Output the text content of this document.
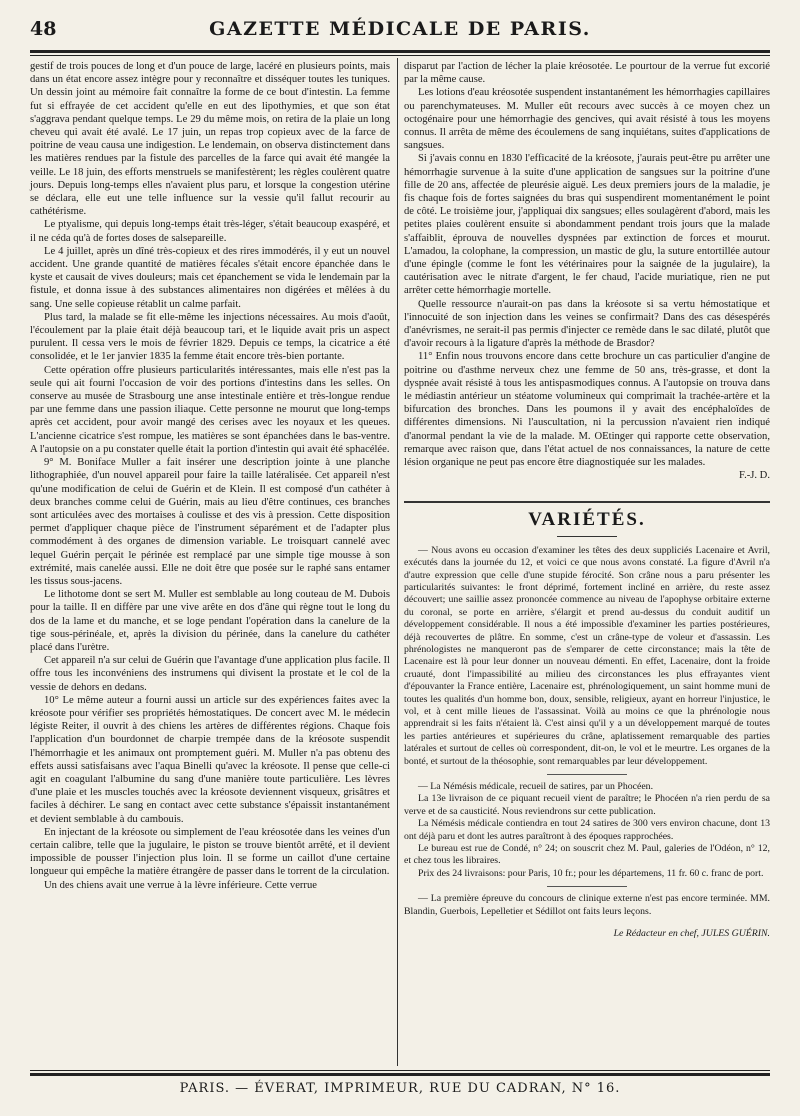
48	GAZETTE MÉDICALE DE PARIS.

gestif de trois pouces de long et d'un pouce de large, lacéré en plusieurs points, mais dans un état encore assez intègre pour y reconnaître et disséquer toutes les tuniques. Un dessin joint au mémoire fait connaître la forme de ce bout d'intestin. La femme fut si effrayée de cet accident qu'elle en eut des lipothymies, et que son état s'aggrava pendant quelque temps. Le 29 du même mois, on retira de la plaie un long cheveu qui avait été avalé. Le 17 juin, un repas trop copieux avec de la farce de poitrine de veau causa une indigestion. Le lendemain, on observa distinctement dans les matières rendues par la fistule des parcelles de la farce qui avait été mangée la veille. Le 18 juin, des efforts menstruels se manifestèrent; les règles coulèrent quatre jours. Depuis long-temps elles n'avaient plus paru, et lorsque la congestion utérine se déclara, elle eut une telle influence sur la vessie qu'il fallut recourir au cathétérisme.

Le ptyalisme, qui depuis long-temps était très-léger, s'était beaucoup exaspéré, et il ne céda qu'à de fortes doses de salsepareille.

Le 4 juillet, après un dîné très-copieux et des rires immodérés, il y eut un nouvel accident. Une grande quantité de matières fécales s'était encore épanchée dans le kyste et causait de vives douleurs; mais cet épanchement se vida le lendemain par la fistule, et donna issue à des substances alimentaires non digérées et mêlées à du sang. Une selle copieuse rétablit un calme parfait.

Plus tard, la malade se fit elle-même les injections nécessaires. Au mois d'août, l'écoulement par la plaie était déjà beaucoup tari, et le liquide avait pris un aspect purulent. Il cessa vers le mois de février 1829. Depuis ce temps, la cicatrice a été consolidée, et le 1er janvier 1835 la femme était encore très-bien portante.

Cette opération offre plusieurs particularités intéressantes, mais elle n'est pas la seule qui ait fourni l'occasion de voir des portions d'intestins dans les selles. On conserve au musée de Strasbourg une anse intestinale entière et très-longue rendue par une femme dans une passion iliaque. Cette personne ne mourut que long-temps après cet accident, pour avoir mangé des cerises avec les noyaux et les queues. L'ancienne cicatrice s'est rompue, les matières se sont épanchées dans le bas-ventre. A l'autopsie on a pu constater quelle était la portion d'intestin qui avait été sphacélée.

9° M. Boniface Muller a fait insérer une description jointe à une planche lithographiée, d'un nouvel appareil pour faire la taille latéralisée. Cet appareil n'est qu'une modification de celui de Guérin et de Klein. Il est composé d'un cathéter à deux branches comme celui de Guérin, mais au lieu d'être continues, ces branches sont articulées avec des mortaises à coulisse et des vis à pression. Cette disposition permet d'appliquer chaque pièce de l'instrument séparément et de l'adapter plus commodément à des organes de dimension variable. Le troisquart cannelé avec lequel Guérin perçait le périnée est remplacé par une simple tige mousse à son extrémité, mais canelée aussi. Elle ne doit être que posée sur le raphé sans entamer les tissus sous-jacens.

Le lithotome dont se sert M. Muller est semblable au long couteau de M. Dubois pour la taille. Il en diffère par une vive arête en dos d'âne qui règne tout le long du dos de la lame et du manche, et se loge pendant l'opération dans la canelure de la tige sous-périnéale, et, après la division du périnée, dans la canelure du cathéter placé dans l'urètre.

Cet appareil n'a sur celui de Guérin que l'avantage d'une application plus facile. Il offre tous les inconvéniens des instrumens qui divisent la prostate et le col de la vessie de dehors en dedans.

10° Le même auteur a fourni aussi un article sur des expériences faites avec la kréosote pour vérifier ses propriétés hémostatiques. De concert avec M. le médecin légiste Reiter, il ouvrit à des chiens les artères de différentes régions. Chaque fois l'application d'un bourdonnet de charpie trempée dans de la kréosote suspendit l'hémorrhagie et les animaux ont promptement guéri. M. Muller n'a pas obtenu des effets aussi satisfaisans avec l'aqua Binelli qu'avec la kréosote. Il pense que celle-ci agit en coagulant l'albumine du sang d'une manière toute particulière. Les lèvres d'une plaie et les muscles touchés avec la kréosote deviennent visqueux, grisâtres et faciles à déchirer. Le sang en contact avec cette substance s'épaissit instantanément et devient semblable à du cambouis.

En injectant de la kréosote ou simplement de l'eau kréosotée dans les veines d'un certain calibre, telle que la jugulaire, le piston se trouve bientôt arrêté, et il devient impossible de pousser l'injection plus loin. Il se forme un caillot d'une certaine longueur qui empêche la matière étrangère de passer dans le torrent de la circulation.

Un des chiens avait une verrue à la lèvre inférieure. Cette verrue

disparut par l'action de lécher la plaie kréosotée. Le pourtour de la verrue fut excorié par la même cause.

Les lotions d'eau kréosotée suspendent instantanément les hémorrhagies capillaires ou parenchymateuses. M. Muller eût recours avec succès à ce moyen chez un octogénaire pour une hémorrhagie des gencives, qui avait résisté à tous les moyens connus. Il arrêta de même des écoulemens de sang inquiétans, suites d'applications de sangsues.

Si j'avais connu en 1830 l'efficacité de la kréosote, j'aurais peut-être pu arrêter une hémorrhagie survenue à la suite d'une application de sangsues sur la poitrine d'une fille de 20 ans, affectée de pleurésie aiguë. Les deux premiers jours de la maladie, je fis chaque fois de fortes saignées du bras qui suspendirent momentanément le point de côté. Le troisième jour, j'appliquai dix sangsues; elles soulagèrent d'abord, mais les petites plaies coulèrent ensuite si abondamment pendant trois jours que la malade s'affaiblit, éprouva de nouvelles dyspnées par extinction de forces et mourut. L'amadou, la colophane, la compression, un mastic de glu, la suture entortillée autour d'une épingle (comme le font les vétérinaires pour la saignée de la jugulaire), la cautérisation avec le nitrate d'argent, le fer chaud, l'acide muriatique, rien ne put arrêter cette hémorrhagie mortelle.

Quelle ressource n'aurait-on pas dans la kréosote si sa vertu hémostatique et l'innocuité de son injection dans les veines se confirmait? Dans des cas désespérés d'anévrismes, ne serait-il pas permis d'injecter ce remède dans le sac dilaté, plutôt que d'avoir recours à la ligature d'après la méthode de Brasdor?

11° Enfin nous trouvons encore dans cette brochure un cas particulier d'angine de poitrine ou d'asthme nerveux chez une femme de 50 ans, très-grasse, et dont la dyspnée avait résisté à tous les antispasmodiques connus. A l'autopsie on trouva dans le médiastin antérieur un stéatome volumineux qui comprimait la trachée-artère et la bifurcation des bronches. Dans les poumons il y avait des encéphaloïdes de différentes dimensions. Ni l'auscultation, ni la percussion n'avaient rien indiqué d'anormal pendant la vie de la malade. M. OEtinger qui rapporte cette observation, remarque avec raison que, dans l'état actuel de nos connaissances, la nature de cette lésion organique ne peut pas encore être diagnostiquée sur les malades.

F.-J. D.

VARIÉTÉS.

— Nous avons eu occasion d'examiner les têtes des deux suppliciés Lacenaire et Avril, exécutés dans la journée du 12, et voici ce que nous avons constaté. La figure d'Avril n'a d'autre expression que celle d'une stupide férocité. Son crâne nous a paru présenter les particularités suivantes: le front déprimé, fortement incliné en arrière, du reste assez découvert; une saillie assez prononcée commence au niveau de l'apophyse orbitaire externe du coronal, se porte en arrière, s'élargit et prend au-dessus du conduit auditif un développement considérable. Il nous a été impossible d'examiner les parties postérieures, déjà recouvertes de plâtre. En somme, c'est un crâne-type de voleur et d'assassin. Les phrénologistes ne manqueront pas de s'emparer de cette circonstance; mais la tête de Lacenaire est là pour leur donner un nouveau démenti. En effet, Lacenaire, dont la froide cruauté, dont l'impassibilité au milieu des circonstances les plus effrayantes vient d'épouvanter la France entière, Lacenaire est, phrénologiquement, un saint homme muni de toutes les qualités d'un homme bon, doux, sensible, religieux, ayant en horreur l'injustice, le vol, et à cent mille lieues de l'assassinat. Voilà au moins ce que la phrénologie nous apprendrait si les faits n'étaient là. C'est ainsi qu'il y a un développement marqué de toutes les parties antérieures et supérieures du crâne, aplatissement remarquable des parties latérales et surtout de celles où correspondent, dit-on, le vol et le meurtre. Les organes de la bonté, et surtout de la théosophie, sont remarquables par leur développement.

— La Némésis médicale, recueil de satires, par un Phocéen.

La 13e livraison de ce piquant recueil vient de paraître; le Phocéen n'a rien perdu de sa verve et de sa causticité. Nous reviendrons sur cette publication.

La Némésis médicale contiendra en tout 24 satires de 300 vers environ chacune, dont 13 ont déjà paru et dont les autres paraîtront à des époques rapprochées.

Le bureau est rue de Condé, n° 24; on souscrit chez M. Paul, galeries de l'Odéon, n° 12, et chez tous les libraires.

Prix des 24 livraisons: pour Paris, 10 fr.; pour les départemens, 11 fr. 60 c. franc de port.

— La première épreuve du concours de clinique externe n'est pas encore terminée. MM. Blandin, Guerbois, Lepelletier et Sédillot ont faits leurs leçons.

Le Rédacteur en chef, JULES GUÉRIN.
PARIS. — ÉVERAT, IMPRIMEUR, RUE DU CADRAN, N° 16.
